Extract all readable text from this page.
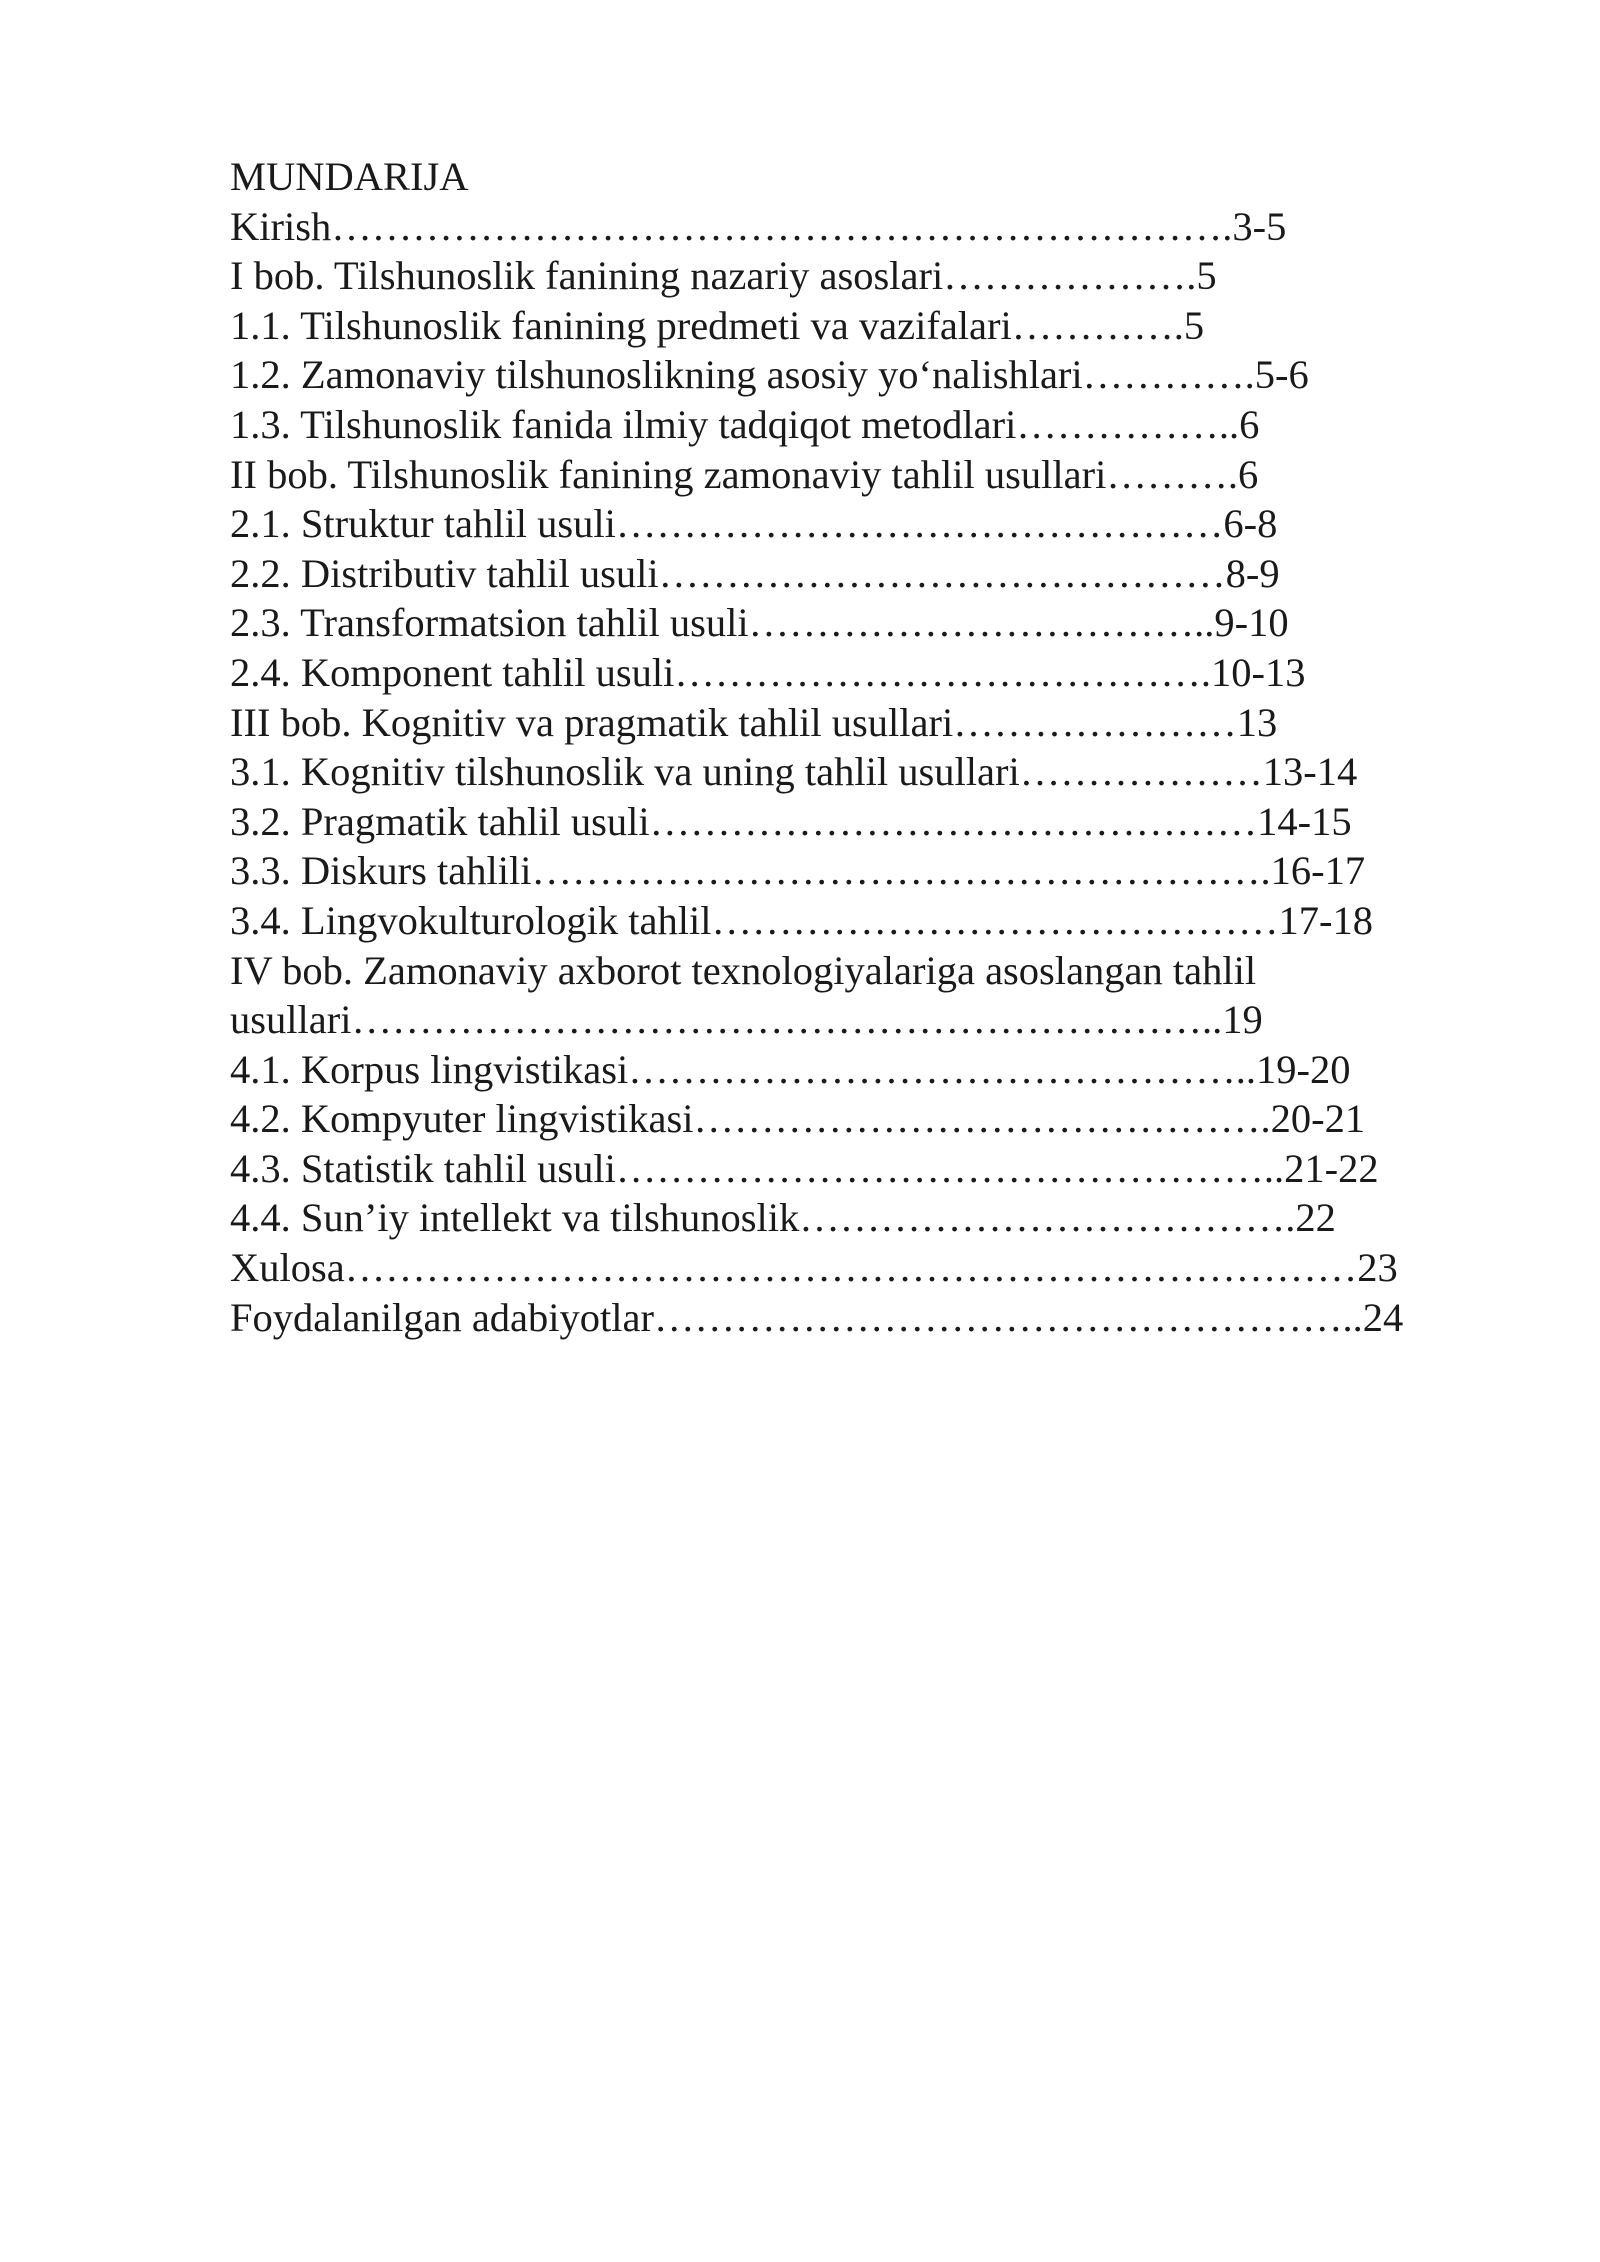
MUNDARIJA
Kirish………………………………………………………….3-5
I bob. Tilshunoslik fanining nazariy asoslari……………….5
1.1. Tilshunoslik fanining predmeti va vazifalari………….5
1.2. Zamonaviy tilshunoslikning asosiy yo‘nalishlari………….5-6
1.3. Tilshunoslik fanida ilmiy tadqiqot metodlari……………..6
II bob. Tilshunoslik fanining zamonaviy tahlil usullari……….6
2.1. Struktur tahlil usuli………………………………………6-8
2.2. Distributiv tahlil usuli……………………………………8-9
2.3. Transformatsion tahlil usuli……………………………..9-10
2.4. Komponent tahlil usuli………………………………….10-13
III bob. Kognitiv va pragmatik tahlil usullari…………………13
3.1. Kognitiv tilshunoslik va uning tahlil usullari………………13-14
3.2. Pragmatik tahlil usuli………………………………………14-15
3.3. Diskurs tahlili……………………………………………….16-17
3.4. Lingvokulturologik tahlil……………………………………17-18
IV bob. Zamonaviy axborot texnologiyalariga asoslangan tahlil
usullari………………………………………………………..19
4.1. Korpus lingvistikasi………………………………………..19-20
4.2. Kompyuter lingvistikasi…………………………………….20-21
4.3. Statistik tahlil usuli…………………………………………..21-22
4.4. Sun’iy intellekt va tilshunoslik……………………………….22
Xulosa…………………………………………………………………23
Foydalanilgan adabiyotlar……………………………………………..24
